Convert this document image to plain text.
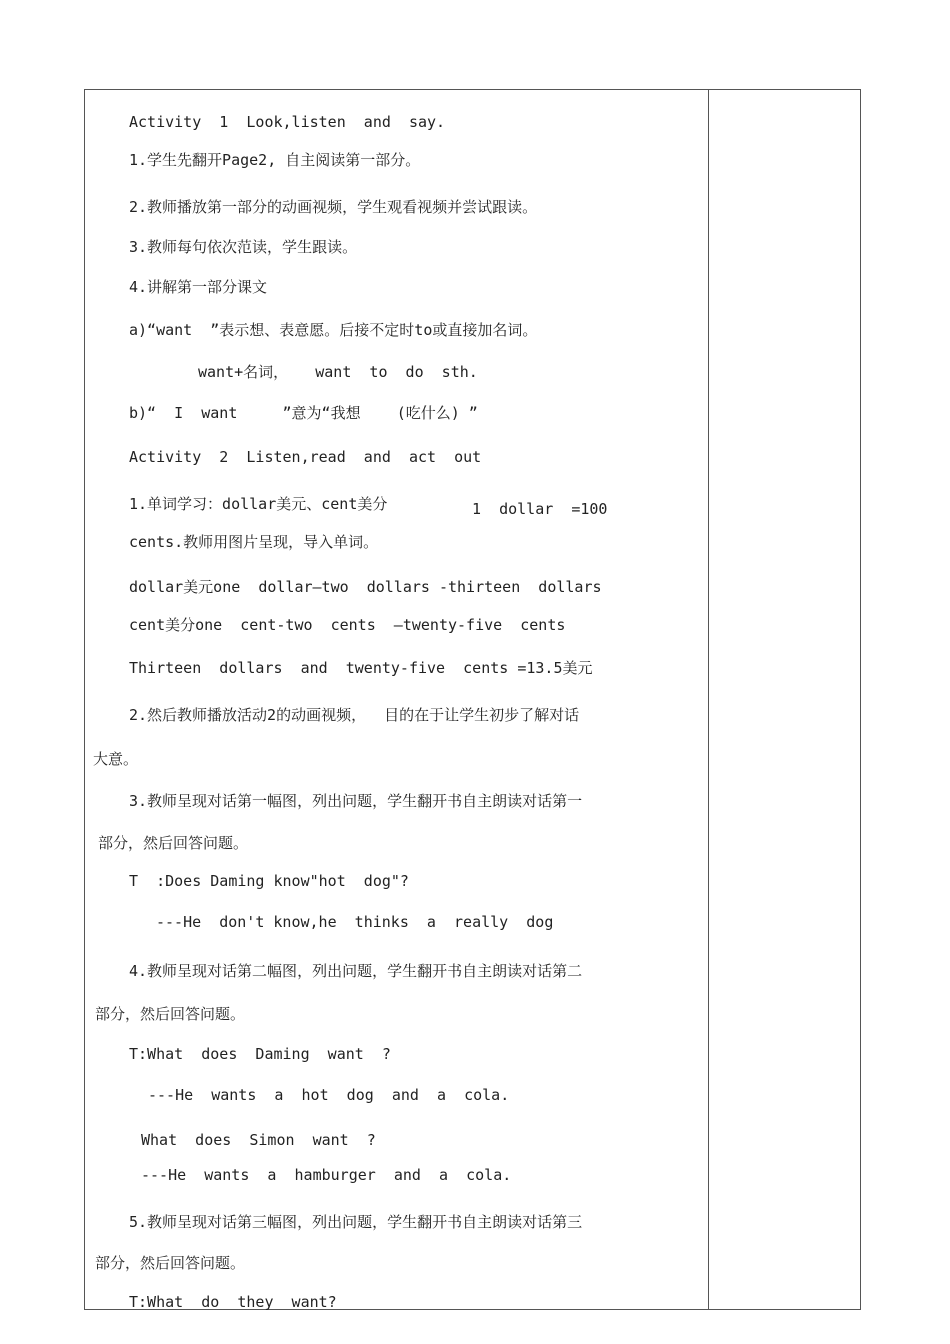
Activity  1  Look,listen  and  say.
1.学生先翻开Page2, 自主阅读第一部分。
2.教师播放第一部分的动画视频，学生观看视频并尝试跟读。
3.教师每句依次范读，学生跟读。
4.讲解第一部分课文
a)“want  ”表示想、表意愿。后接不定时to或直接加名词。
want+名词，   want  to  do  sth.
b)“  I  want     ”意为“我想    (吃什么) ”
Activity  2  Listen,read  and  act  out
1.单词学习：dollar美元、cent美分	1  dollar  =100
cents.教师用图片呈现，导入单词。
dollar美元one  dollar—two  dollars -thirteen  dollars
cent美分one  cent-two  cents  —twenty-five  cents
Thirteen  dollars  and  twenty-five  cents =13.5美元
2.然后教师播放活动2的动画视频，  目的在于让学生初步了解对话
大意。
3.教师呈现对话第一幅图，列出问题，学生翻开书自主朗读对话第一
部分，然后回答问题。
T  :Does Daming know"hot  dog"?
---He  don't know,he  thinks  a  really  dog
4.教师呈现对话第二幅图，列出问题，学生翻开书自主朗读对话第二
部分，然后回答问题。
T:What  does  Daming  want  ?
---He  wants  a  hot  dog  and  a  cola.
What  does  Simon  want  ?
---He  wants  a  hamburger  and  a  cola.
5.教师呈现对话第三幅图，列出问题，学生翻开书自主朗读对话第三
部分，然后回答问题。
T:What  do  they  want?
